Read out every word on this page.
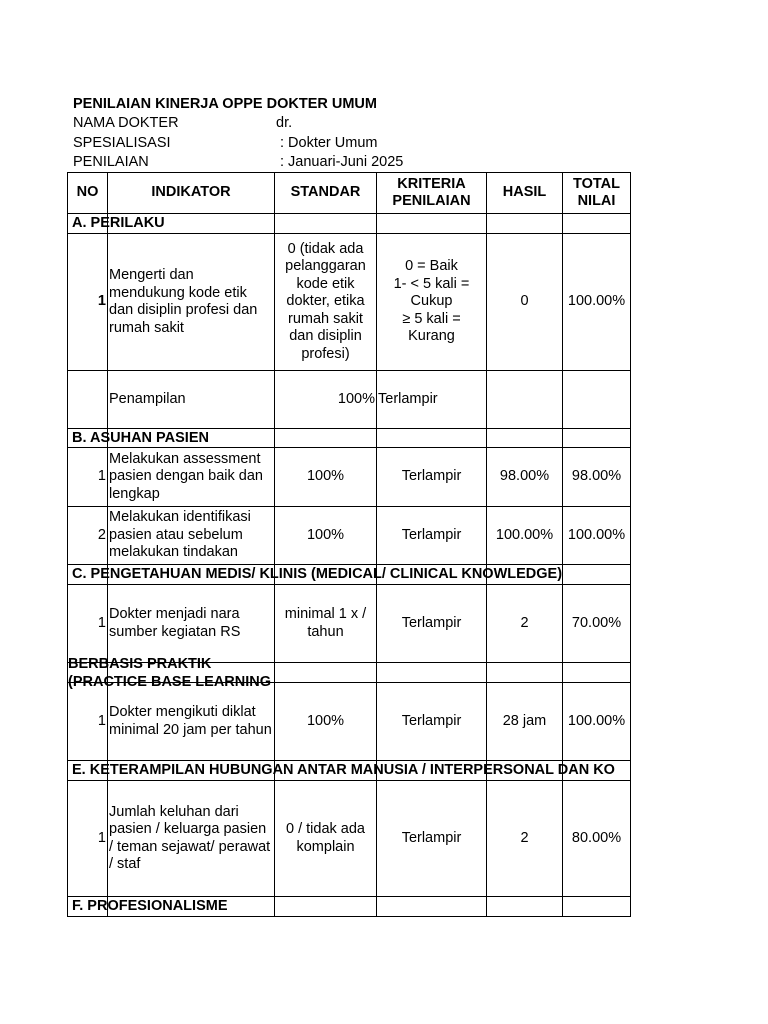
PENILAIAN KINERJA OPPE DOKTER UMUM
NAMA DOKTER	dr.
SPESIALISASI	: Dokter Umum
PENILAIAN	: Januari-Juni 2025
NO	INDIKATOR	STANDAR	KRITERIA PENILAIAN	HASIL	TOTAL NILAI

A. PERILAKU					

1	Mengerti dan mendukung kode etik dan disiplin profesi dan rumah sakit	0 (tidak ada pelanggaran kode etik dokter, etika rumah sakit dan disiplin profesi)	0 = Baik
1- < 5 kali = Cukup
≥ 5 kali = Kurang	0	100.00%
	Penampilan	100%	Terlampir		

B. ASUHAN PASIEN					

1	Melakukan assessment pasien dengan baik dan lengkap	100%	Terlampir	98.00%	98.00%
2	Melakukan identifikasi pasien atau sebelum melakukan tindakan	100%	Terlampir	100.00%	100.00%

C. PENGETAHUAN MEDIS/ KLINIS (MEDICAL/ CLINICAL KNOWLEDGE)					

1	Dokter menjadi nara sumber kegiatan RS	minimal 1 x / tahun	Terlampir	2	70.00%

BERBASIS PRAKTIK
(PRACTICE BASE LEARNING					

1	Dokter mengikuti diklat minimal 20 jam per tahun	100%	Terlampir	28 jam	100.00%

E. KETERAMPILAN HUBUNGAN ANTAR MANUSIA / INTERPERSONAL DAN KO					

1	Jumlah keluhan dari pasien / keluarga pasien / teman sejawat/ perawat / staf	0 / tidak ada komplain	Terlampir	2	80.00%

F. PROFESIONALISME					
